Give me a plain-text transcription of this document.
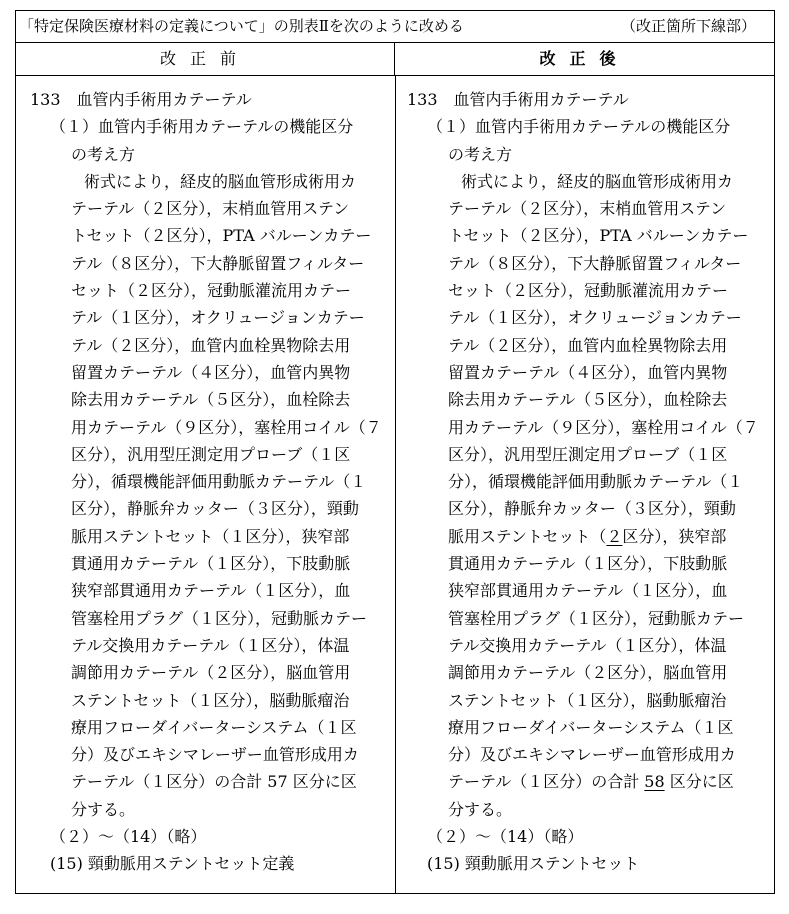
「特定保険医療材料の定義について」の別表Ⅱを次のように改める	（改正箇所下線部）
改正前	改正後
133　血管内手術用カテーテル
（１）血管内手術用カテーテルの機能区分
の考え方
術式により，経皮的脳血管形成術用カ
テーテル（２区分），末梢血管用ステン
トセット（２区分），PTA バルーンカテー
テル（８区分），下大静脈留置フィルター
セット（２区分），冠動脈灌流用カテー
テル（１区分），オクリュージョンカテー
テル（２区分），血管内血栓異物除去用
留置カテーテル（４区分），血管内異物
除去用カテーテル（５区分），血栓除去
用カテーテル（９区分），塞栓用コイル（７
区分），汎用型圧測定用プローブ（１区
分），循環機能評価用動脈カテーテル（１
区分），静脈弁カッター（３区分），頸動
脈用ステントセット（１区分），狭窄部
貫通用カテーテル（１区分），下肢動脈
狭窄部貫通用カテーテル（１区分），血
管塞栓用プラグ（１区分），冠動脈カテー
テル交換用カテーテル（１区分），体温
調節用カテーテル（２区分），脳血管用
ステントセット（１区分），脳動脈瘤治
療用フローダイバーターシステム（１区
分）及びエキシマレーザー血管形成用カ
テーテル（１区分）の合計 57 区分に区
分する。
（２）～（14）（略）
(15) 頸動脈用ステントセット定義
133　血管内手術用カテーテル
（１）血管内手術用カテーテルの機能区分
の考え方
術式により，経皮的脳血管形成術用カ
テーテル（２区分），末梢血管用ステン
トセット（２区分），PTA バルーンカテー
テル（８区分），下大静脈留置フィルター
セット（２区分），冠動脈灌流用カテー
テル（１区分），オクリュージョンカテー
テル（２区分），血管内血栓異物除去用
留置カテーテル（４区分），血管内異物
除去用カテーテル（５区分），血栓除去
用カテーテル（９区分），塞栓用コイル（７
区分），汎用型圧測定用プローブ（１区
分），循環機能評価用動脈カテーテル（１
区分），静脈弁カッター（３区分），頸動
脈用ステントセット（２区分），狭窄部
貫通用カテーテル（１区分），下肢動脈
狭窄部貫通用カテーテル（１区分），血
管塞栓用プラグ（１区分），冠動脈カテー
テル交換用カテーテル（１区分），体温
調節用カテーテル（２区分），脳血管用
ステントセット（１区分），脳動脈瘤治
療用フローダイバーターシステム（１区
分）及びエキシマレーザー血管形成用カ
テーテル（１区分）の合計 58 区分に区
分する。
（２）～（14）（略）
(15) 頸動脈用ステントセット
